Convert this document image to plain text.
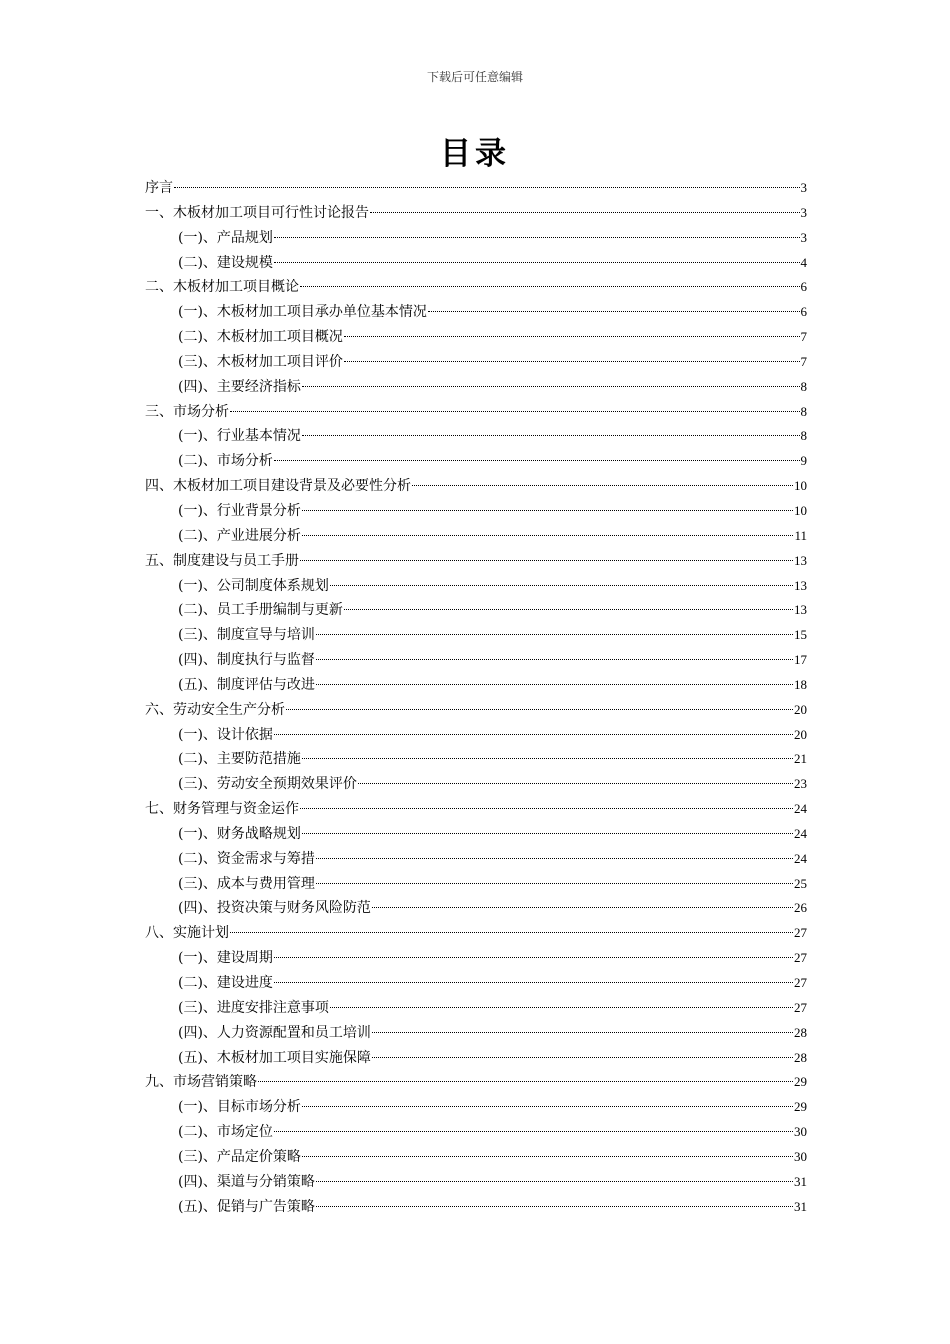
下载后可任意编辑
目录
序言	3
一、木板材加工项目可行性讨论报告	3
(一)、产品规划	3
(二)、建设规模	4
二、木板材加工项目概论	6
(一)、木板材加工项目承办单位基本情况	6
(二)、木板材加工项目概况	7
(三)、木板材加工项目评价	7
(四)、主要经济指标	8
三、市场分析	8
(一)、行业基本情况	8
(二)、市场分析	9
四、木板材加工项目建设背景及必要性分析	10
(一)、行业背景分析	10
(二)、产业进展分析	11
五、制度建设与员工手册	13
(一)、公司制度体系规划	13
(二)、员工手册编制与更新	13
(三)、制度宣导与培训	15
(四)、制度执行与监督	17
(五)、制度评估与改进	18
六、劳动安全生产分析	20
(一)、设计依据	20
(二)、主要防范措施	21
(三)、劳动安全预期效果评价	23
七、财务管理与资金运作	24
(一)、财务战略规划	24
(二)、资金需求与筹措	24
(三)、成本与费用管理	25
(四)、投资决策与财务风险防范	26
八、实施计划	27
(一)、建设周期	27
(二)、建设进度	27
(三)、进度安排注意事项	27
(四)、人力资源配置和员工培训	28
(五)、木板材加工项目实施保障	28
九、市场营销策略	29
(一)、目标市场分析	29
(二)、市场定位	30
(三)、产品定价策略	30
(四)、渠道与分销策略	31
(五)、促销与广告策略	31
